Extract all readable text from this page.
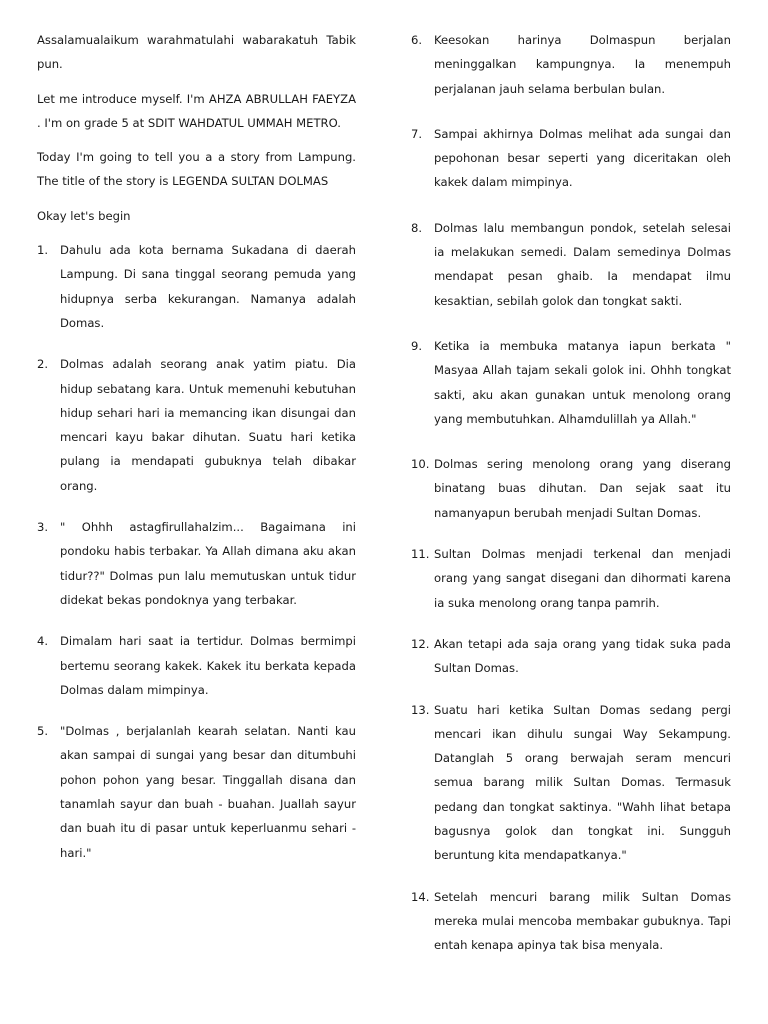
Assalamualaikum warahmatulahi wabarakatuh Tabik pun.

Let me introduce myself. I'm AHZA ABRULLAH FAEYZA . I'm on grade 5 at SDIT WAHDATUL UMMAH METRO.

Today I'm going to tell you a a story from Lampung. The title of the story is LEGENDA SULTAN DOLMAS

Okay let's begin

1. Dahulu ada kota bernama Sukadana di daerah Lampung. Di sana tinggal seorang pemuda yang hidupnya serba kekurangan. Namanya adalah Domas.

2. Dolmas adalah seorang anak yatim piatu. Dia hidup sebatang kara. Untuk memenuhi kebutuhan hidup sehari hari ia memancing ikan disungai dan mencari kayu bakar dihutan. Suatu hari ketika pulang ia mendapati gubuknya telah dibakar orang.

3. " Ohhh astagfirullahalzim... Bagaimana ini pondoku habis terbakar. Ya Allah dimana aku akan tidur??" Dolmas pun lalu memutuskan untuk tidur didekat bekas pondoknya yang terbakar.

4. Dimalam hari saat ia tertidur. Dolmas bermimpi bertemu seorang kakek. Kakek itu berkata kepada Dolmas dalam mimpinya.

5. "Dolmas , berjalanlah kearah selatan. Nanti kau akan sampai di sungai yang besar dan ditumbuhi pohon pohon yang besar. Tinggallah disana dan tanamlah sayur dan buah - buahan. Juallah sayur dan buah itu di pasar untuk keperluanmu sehari - hari."

6. Keesokan harinya Dolmaspun berjalan meninggalkan kampungnya. Ia menempuh perjalanan jauh selama berbulan bulan.

7. Sampai akhirnya Dolmas melihat ada sungai dan pepohonan besar seperti yang diceritakan oleh kakek dalam mimpinya.

8. Dolmas lalu membangun pondok, setelah selesai ia melakukan semedi. Dalam semedinya Dolmas mendapat pesan ghaib. Ia mendapat ilmu kesaktian, sebilah golok dan tongkat sakti.

9. Ketika ia membuka matanya iapun berkata " Masyaa Allah tajam sekali golok ini. Ohhh tongkat sakti, aku akan gunakan untuk menolong orang yang membutuhkan. Alhamdulillah ya Allah."

10. Dolmas sering menolong orang yang diserang binatang buas dihutan. Dan sejak saat itu namanyapun berubah menjadi Sultan Domas.

11. Sultan Dolmas menjadi terkenal dan menjadi orang yang sangat disegani dan dihormati karena ia suka menolong orang tanpa pamrih.

12. Akan tetapi ada saja orang yang tidak suka pada Sultan Domas.

13. Suatu hari ketika Sultan Domas sedang pergi mencari ikan dihulu sungai Way Sekampung. Datanglah 5 orang berwajah seram mencuri semua barang milik Sultan Domas. Termasuk pedang dan tongkat saktinya. "Wahh lihat betapa bagusnya golok dan tongkat ini. Sungguh beruntung kita mendapatkanya."

14. Setelah mencuri barang milik Sultan Domas mereka mulai mencoba membakar gubuknya. Tapi entah kenapa apinya tak bisa menyala.
